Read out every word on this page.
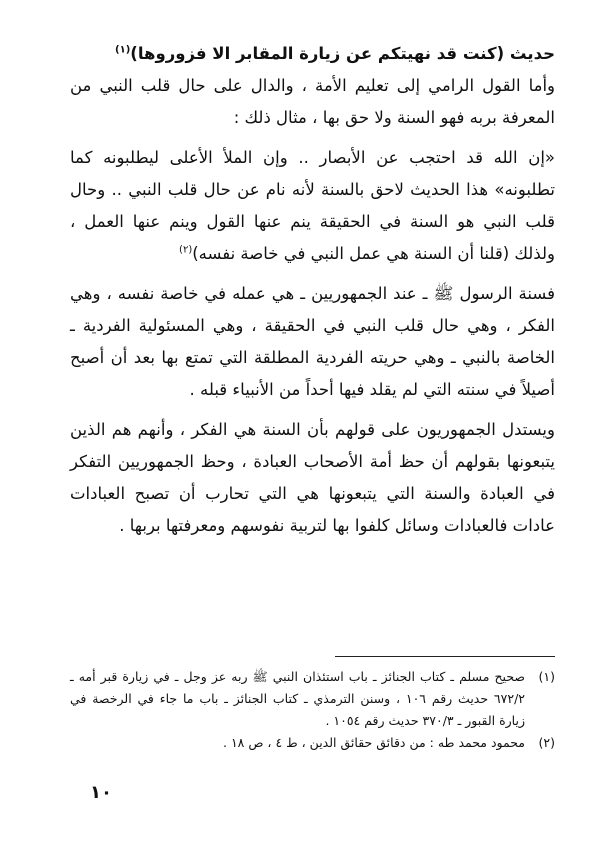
حديث (كنت قد نهيتكم عن زيارة المقابر الا فزوروها)$^{(١)}$

وأما القول الرامي إلى تعليم الأمة ، والدال على حال قلب النبي من المعرفة بربه فهو السنة ولا حق بها ، مثال ذلك :

«إن الله قد احتجب عن الأبصار .. وإن الملأ الأعلى ليطلبونه كما تطلبونه» هذا الحديث لاحق بالسنة لأنه نام عن حال قلب النبي .. وحال قلب النبي هو السنة في الحقيقة ينم عنها القول وينم عنها العمل ، ولذلك (قلنا أن السنة هي عمل النبي في خاصة نفسه)$^{(٢)}$

فسنة الرسول ﷺ ـ عند الجمهوريين ـ هي عمله في خاصة نفسه ، وهي الفكر ، وهي حال قلب النبي في الحقيقة ، وهي المسئولية الفردية ـ الخاصة بالنبي ـ وهي حريته الفردية المطلقة التي تمتع بها بعد أن أصبح أصيلاً في سنته التي لم يقلد فيها أحداً من الأنبياء قبله .

ويستدل الجمهوريون على قولهم بأن السنة هي الفكر ، وأنهم هم الذين يتبعونها بقولهم أن حظ أمة الأصحاب العبادة ، وحظ الجمهوريين التفكر في العبادة والسنة التي يتبعونها هي التي تحارب أن تصبح العبادات عادات فالعبادات وسائل كلفوا بها لتربية نفوسهم ومعرفتها بربها .

(١)
صحيح مسلم ـ كتاب الجنائز ـ باب استئذان النبي ﷺ ربه عز وجل ـ في زيارة قبر أمه ـ ٦٧٢/٢ حديث رقم ١٠٦ ، وسنن الترمذي ـ كتاب الجنائز ـ باب ما جاء في الرخصة في زيارة القبور ـ ٣٧٠/٣ حديث رقم ١٠٥٤ .
(٢)
محمود محمد طه : من دقائق حقائق الدين ، ط ٤ ، ص ١٨ .
١٠
